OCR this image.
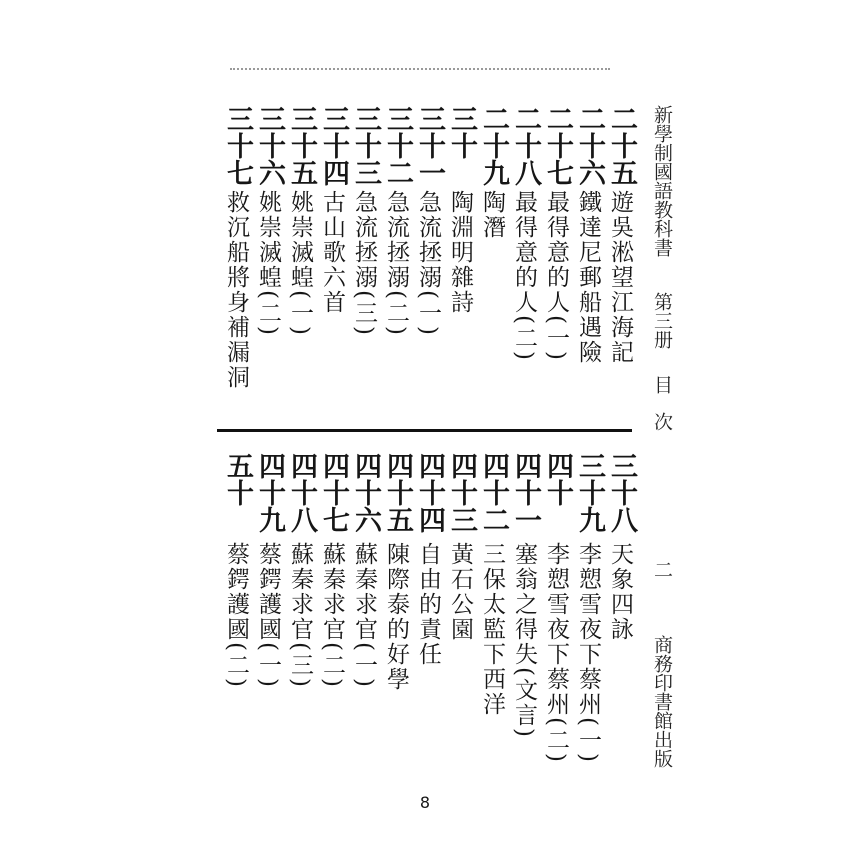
新學制國語教科書
第三册
目次
二
商務印書館出版
二十五
遊吳淞望江海記
二十六
鐵達尼郵船遇險
二十七
最得意的人(一)
二十八
最得意的人(二)
二十九
陶潛
三十
陶淵明雜詩
三十一
急流拯溺(一)
三十二
急流拯溺(二)
三十三
急流拯溺(三)
三十四
古山歌六首
三十五
姚崇滅蝗(一)
三十六
姚崇滅蝗(二)
三十七
救沉船將身補漏洞
三十八
天象四詠
三十九
李愬雪夜下蔡州(一)
四十
李愬雪夜下蔡州(二)
四十一
塞翁之得失(文言)
四十二
三保太監下西洋
四十三
黃石公園
四十四
自由的責任
四十五
陳際泰的好學
四十六
蘇秦求官(一)
四十七
蘇秦求官(二)
四十八
蘇秦求官(三)
四十九
蔡鍔護國(一)
五十
蔡鍔護國(二)
8
